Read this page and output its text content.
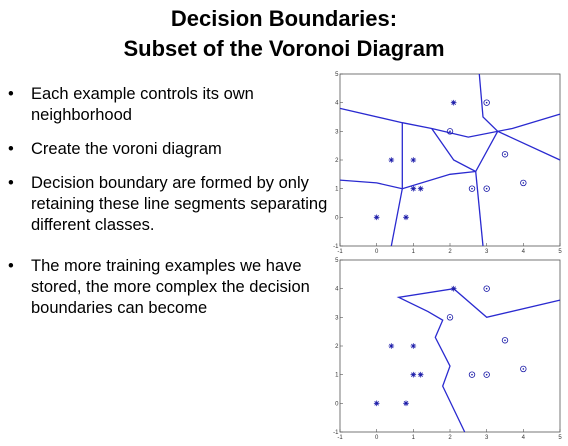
Decision Boundaries:
Subset of the Voronoi Diagram
• Each example controls its own neighborhood
• Create the voroni diagram
• Decision boundary are formed by only retaining these line segments separating different classes.
• The more training examples we have stored, the more complex the decision boundaries can become
-1	0	1	2	3	4	5
-1
0
1
2
3
4
5
-1	0	1	2	3	4	5
-1
0
1
2
3
4
5
